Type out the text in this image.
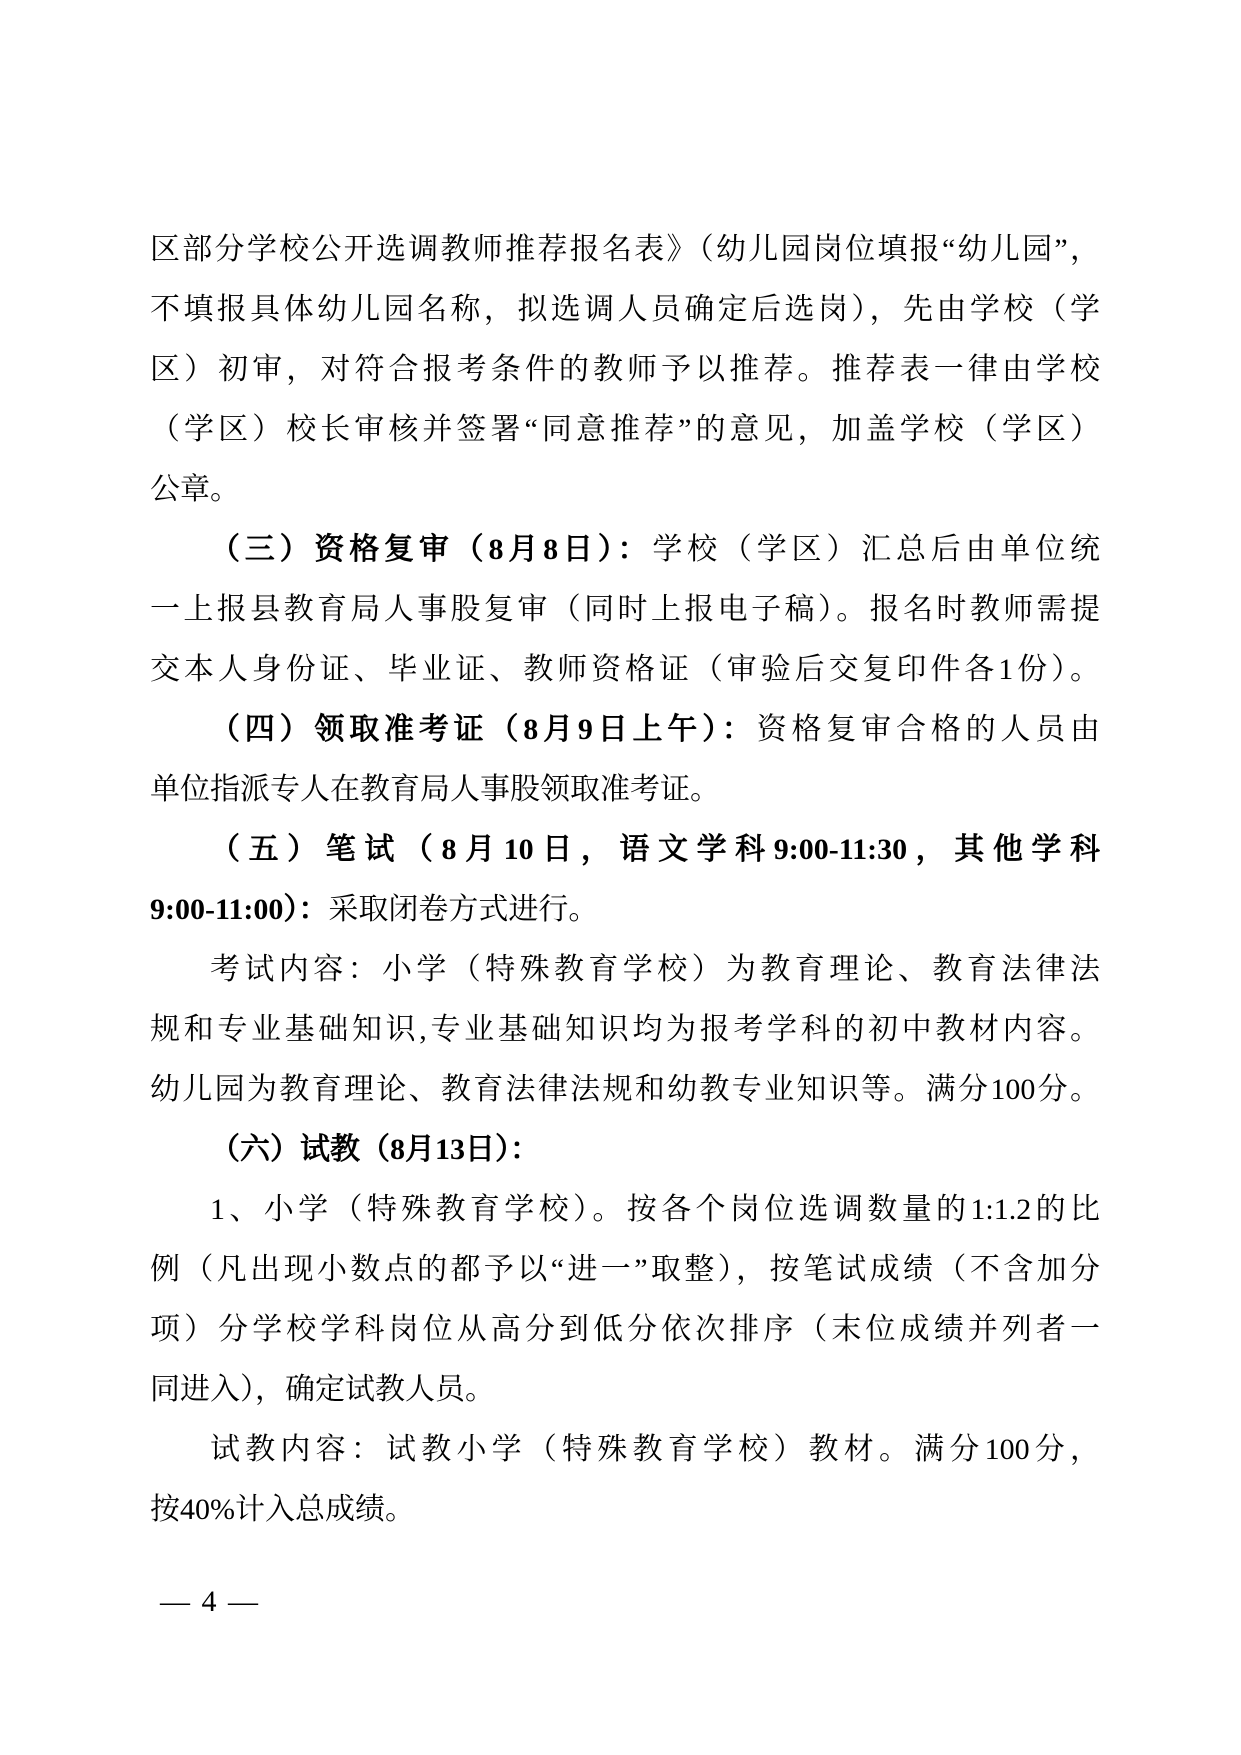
区部分学校公开选调教师推荐报名表》（幼儿园岗位填报“幼儿园”，
不填报具体幼儿园名称，拟选调人员确定后选岗），先由学校（学
区）初审，对符合报考条件的教师予以推荐。推荐表一律由学校
（学区）校长审核并签署“同意推荐”的意见，加盖学校（学区）
公章。
（三）资格复审（8月8日）：学校（学区）汇总后由单位统
一上报县教育局人事股复审（同时上报电子稿）。报名时教师需提
交本人身份证、毕业证、教师资格证（审验后交复印件各1份）。
（四）领取准考证（8月9日上午）：资格复审合格的人员由
单位指派专人在教育局人事股领取准考证。
（五）笔试（8月10日，语文学科9:00-11:30，其他学科
9:00-11:00）：采取闭卷方式进行。
考试内容：小学（特殊教育学校）为教育理论、教育法律法
规和专业基础知识,专业基础知识均为报考学科的初中教材内容。
幼儿园为教育理论、教育法律法规和幼教专业知识等。满分100分。
（六）试教（8月13日）：
1、小学（特殊教育学校）。按各个岗位选调数量的1:1.2的比
例（凡出现小数点的都予以“进一”取整），按笔试成绩（不含加分
项）分学校学科岗位从高分到低分依次排序（末位成绩并列者一
同进入），确定试教人员。
试教内容：试教小学（特殊教育学校）教材。满分100分，
按40%计入总成绩。
— 4 —
